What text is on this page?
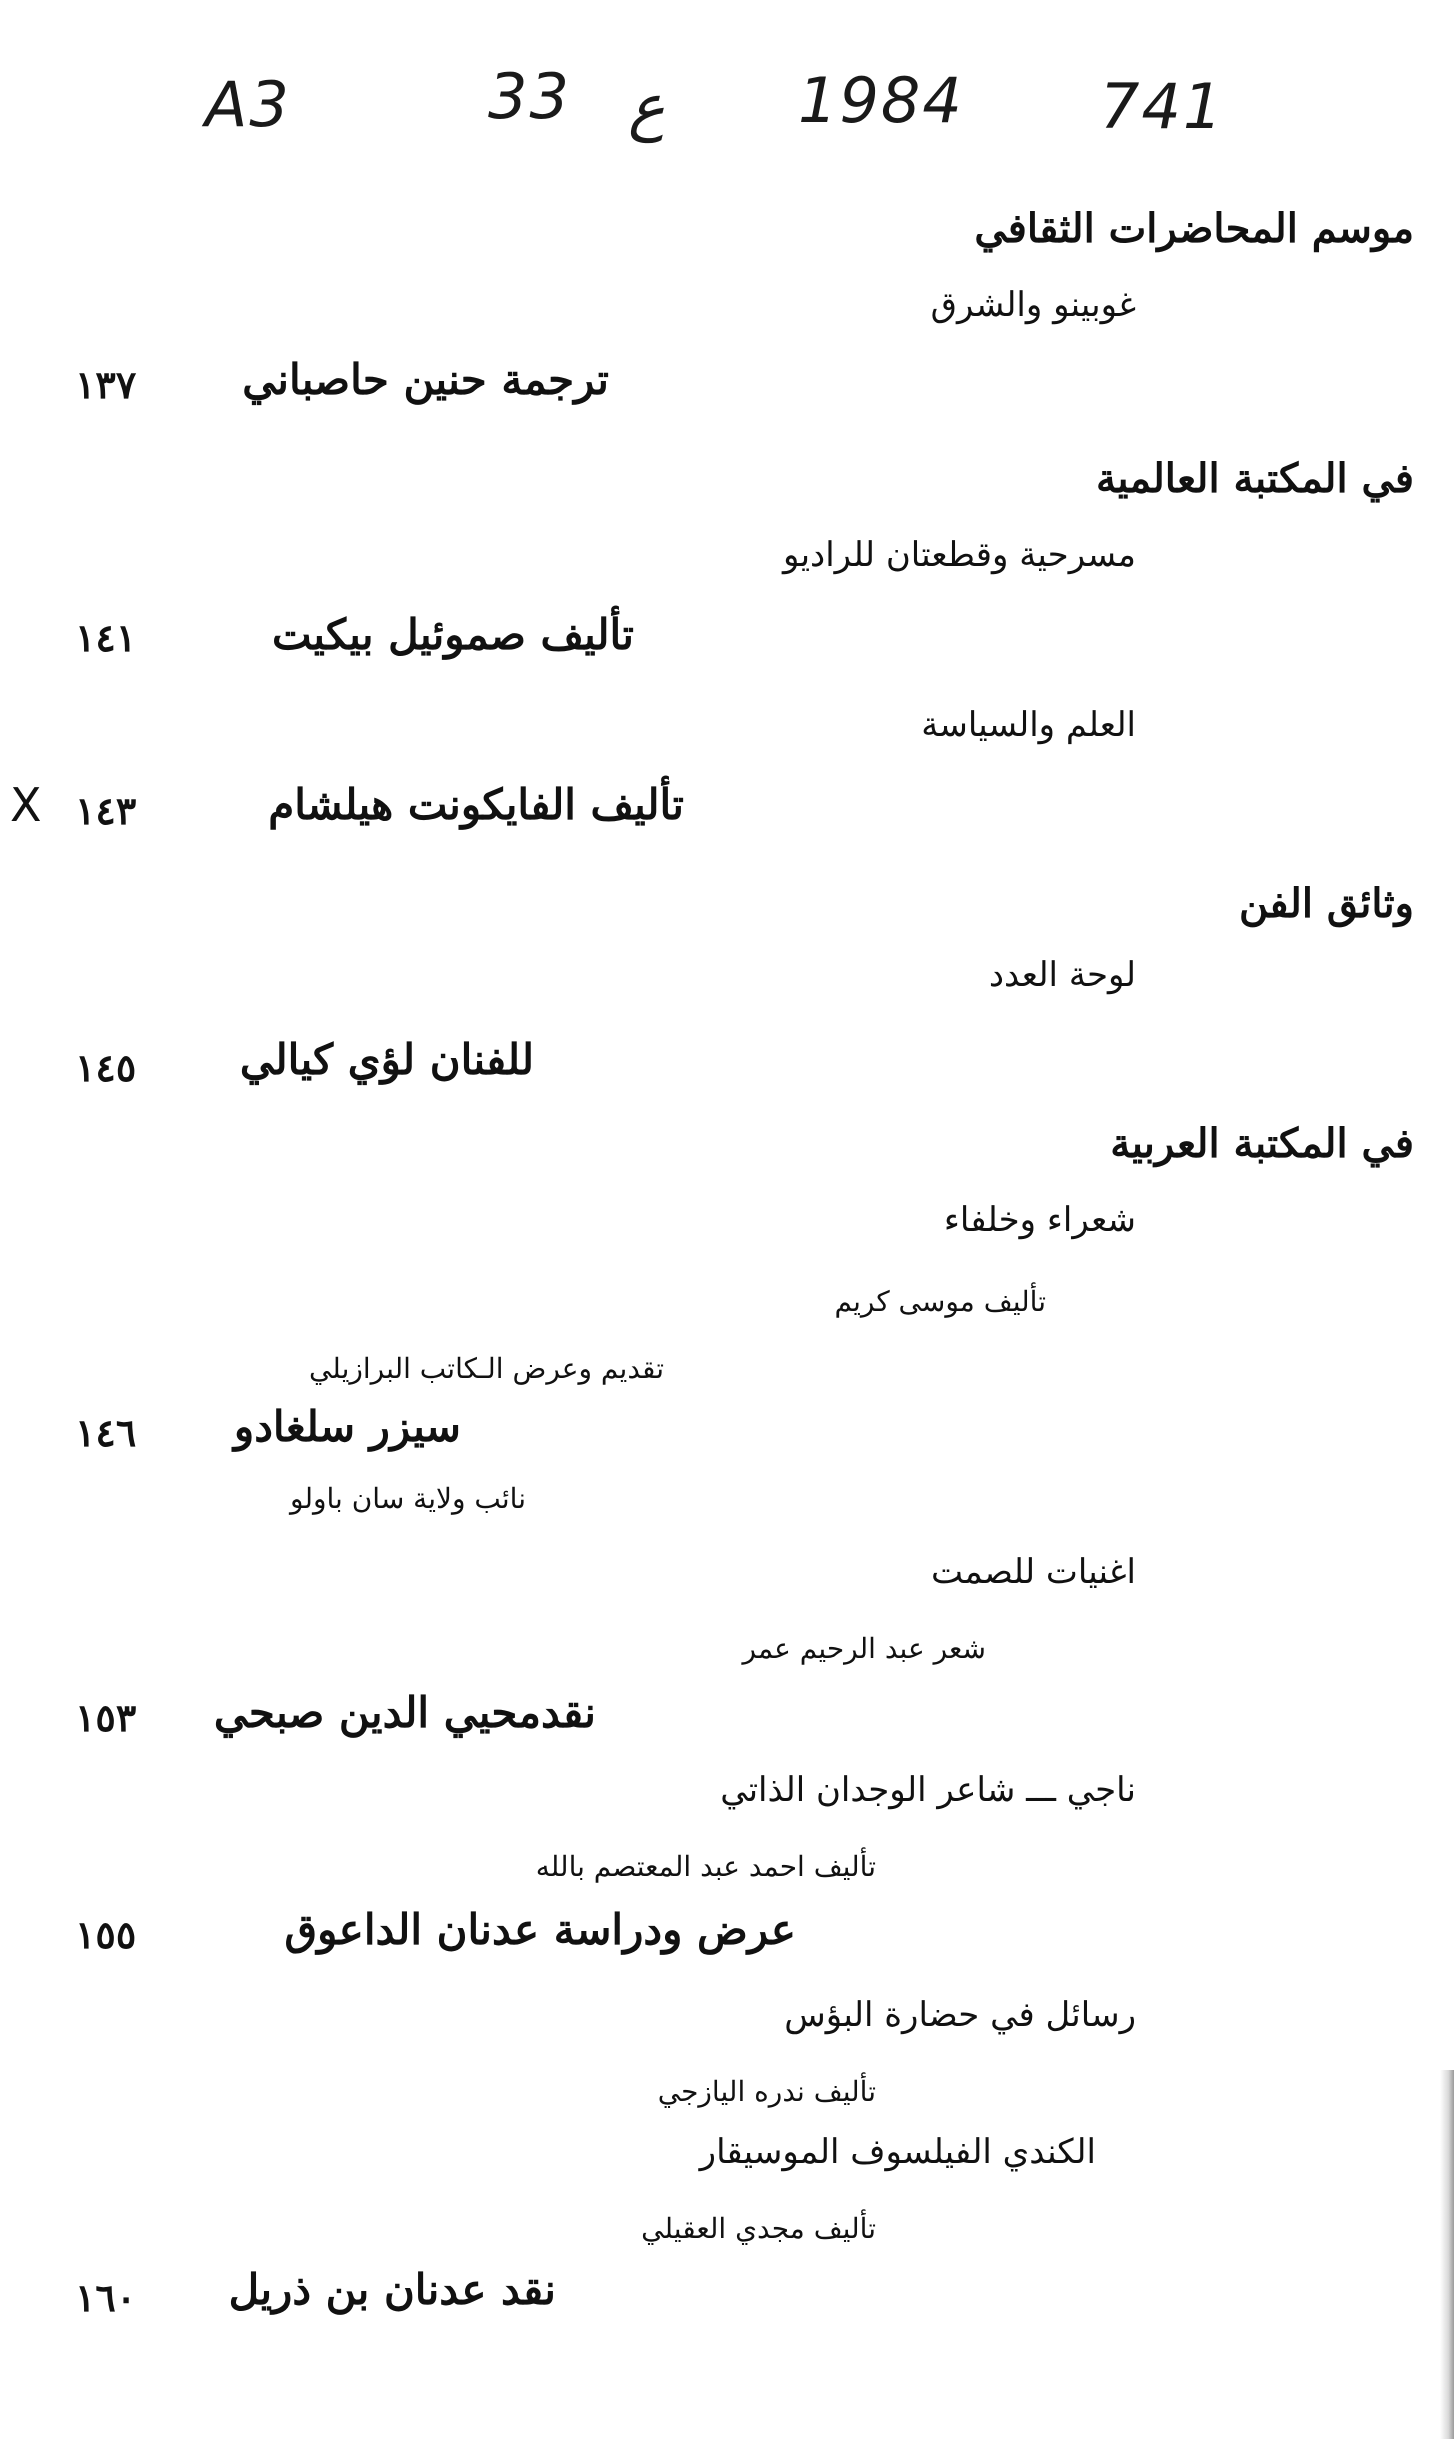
A3	33 ع 1984 741
موسم المحاضرات الثقافي
غوبينو والشرق
ترجمة حنين حاصباني
١٣٧
في المكتبة العالمية
مسرحية وقطعتان للراديو
تأليف صموئيل بيكيت
١٤١
العلم والسياسة
تأليف الفايكونت هيلشام
١٤٣
X
وثائق الفن
لوحة العدد
للفنان لؤي كيالي
١٤٥
في المكتبة العربية
شعراء وخلفاء
تأليف موسى كريم
تقديم وعرض الـكاتب البرازيلي
سيزر سلغادو
١٤٦
نائب ولاية سان باولو
اغنيات للصمت
شعر عبد الرحيم عمر
نقدمحيي الدين صبحي
١٥٣
ناجي ـــ شاعر الوجدان الذاتي
تأليف احمد عبد المعتصم بالله
عرض ودراسة عدنان الداعوق
١٥٥
رسائل في حضارة البؤس
تأليف ندره اليازجي
الكندي الفيلسوف الموسيقار
تأليف مجدي العقيلي
نقد عدنان بن ذريل
١٦٠
